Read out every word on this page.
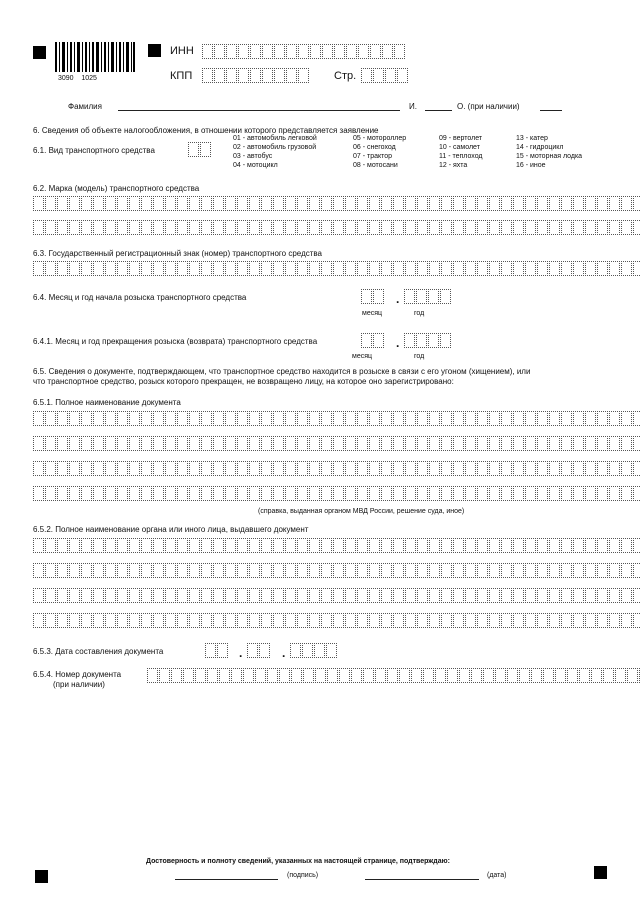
3090    1025
ИНН
КПП	Стр.
Фамилия	И.	О. (при наличии)
6. Сведения об объекте налогообложения, в отношении которого представляется заявление
6.1. Вид транспортного средства
01 - автомобиль легковой
02 - автомобиль грузовой
03 - автобус
04 - мотоцикл
05 - мотороллер
06 - снегоход
07 - трактор
08 - мотосани
09 - вертолет
10 - самолет
11 - теплоход
12 - яхта
13 - катер
14 - гидроцикл
15 - моторная лодка
16 - иное
6.2. Марка (модель) транспортного средства
6.3. Государственный регистрационный знак (номер) транспортного средства
6.4. Месяц и год начала розыска транспортного средства	.
месяц	год
6.4.1. Месяц и год прекращения розыска (возврата) транспортного средства	.
месяц	год
6.5. Сведения о документе, подтверждающем, что транспортное средство находится в розыске в связи с его угоном (хищением), или
что транспортное средство, розыск которого прекращен, не возвращено лицу, на которое оно зарегистрировано:
6.5.1. Полное наименование документа
(справка, выданная органом МВД России, решение суда, иное)
6.5.2. Полное наименование органа или иного лица, выдавшего документ
6.5.3. Дата составления документа	.	.
6.5.4. Номер документа
(при наличии)
Достоверность и полноту сведений, указанных на настоящей странице, подтверждаю:
(подпись)	(дата)
